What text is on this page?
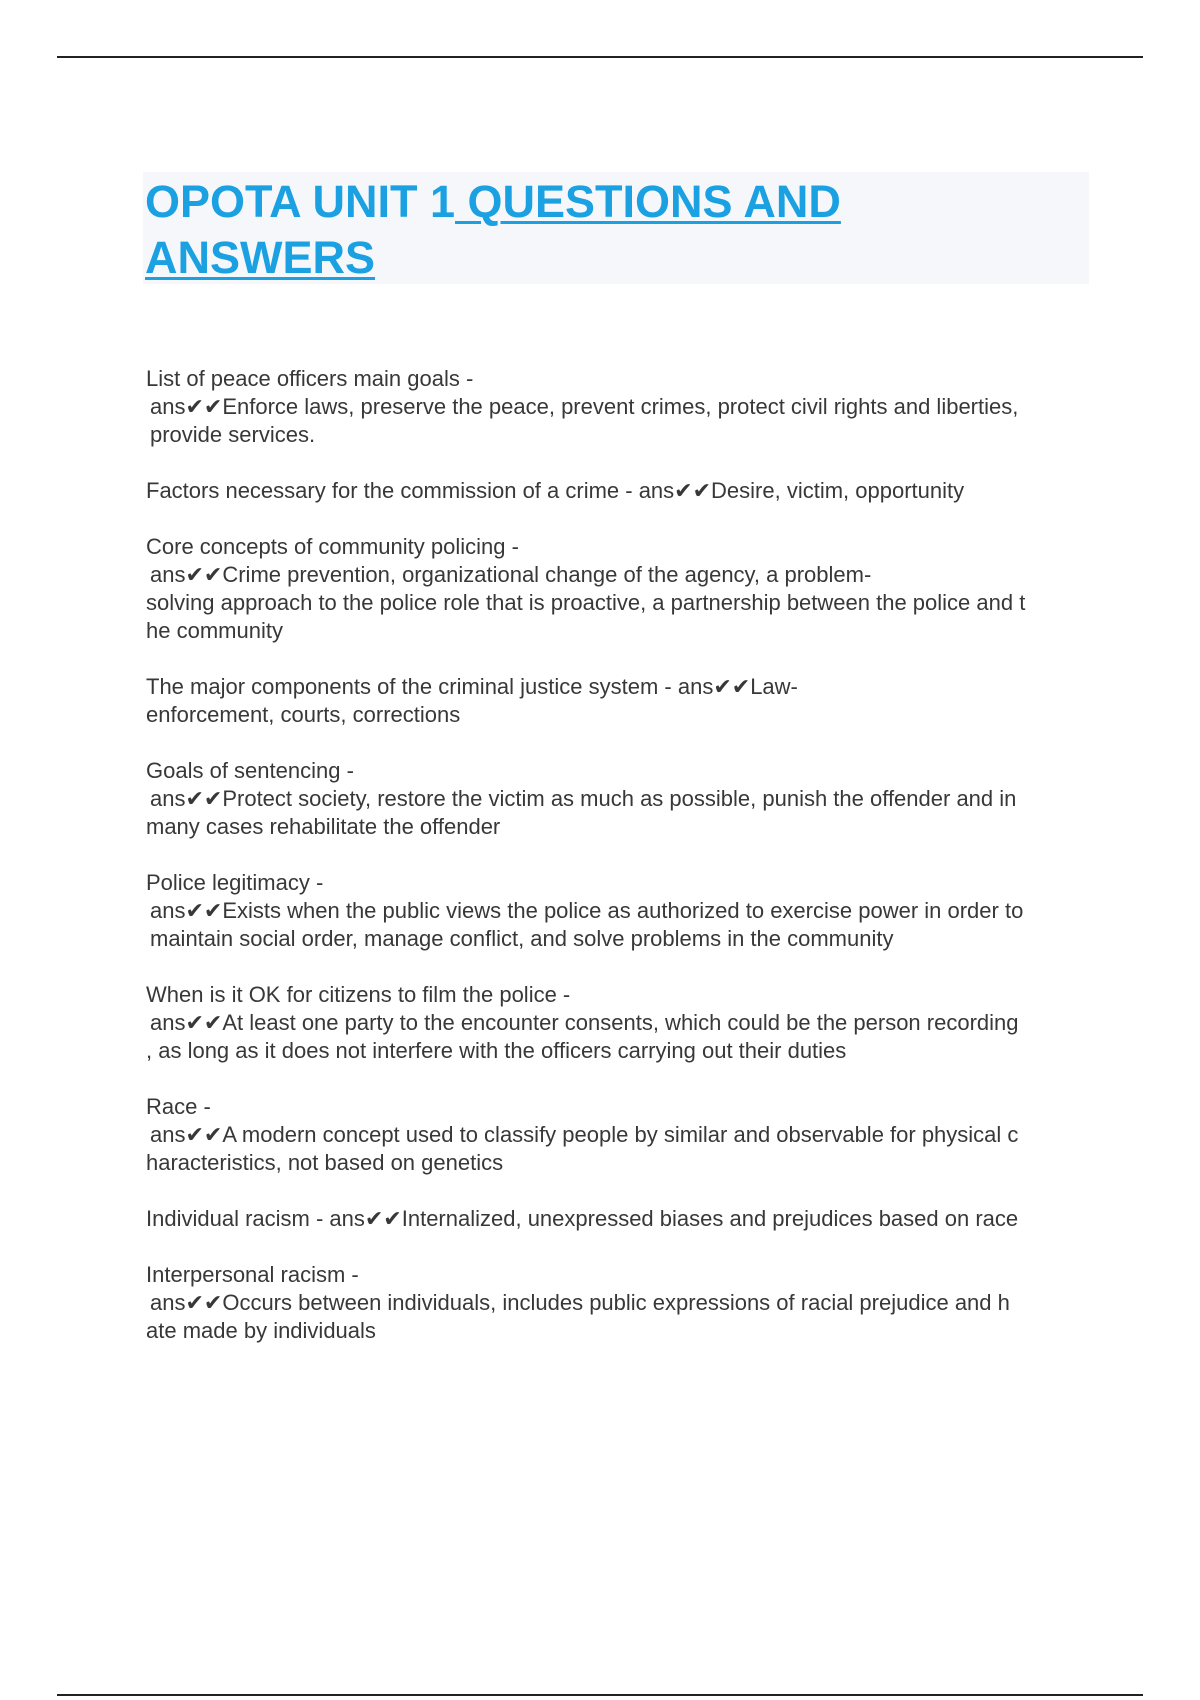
OPOTA UNIT 1 QUESTIONS AND
ANSWERS
List of peace officers main goals -
ans✔✔Enforce laws, preserve the peace, prevent crimes, protect civil rights and liberties,
provide services.
Factors necessary for the commission of a crime - ans✔✔Desire, victim, opportunity
Core concepts of community policing -
ans✔✔Crime prevention, organizational change of the agency, a problem-
solving approach to the police role that is proactive, a partnership between the police and t
he community
The major components of the criminal justice system - ans✔✔Law-
enforcement, courts, corrections
Goals of sentencing -
ans✔✔Protect society, restore the victim as much as possible, punish the offender and in
many cases rehabilitate the offender
Police legitimacy -
ans✔✔Exists when the public views the police as authorized to exercise power in order to
maintain social order, manage conflict, and solve problems in the community
When is it OK for citizens to film the police -
ans✔✔At least one party to the encounter consents, which could be the person recording
, as long as it does not interfere with the officers carrying out their duties
Race -
ans✔✔A modern concept used to classify people by similar and observable for physical c
haracteristics, not based on genetics
Individual racism - ans✔✔Internalized, unexpressed biases and prejudices based on race
Interpersonal racism -
ans✔✔Occurs between individuals, includes public expressions of racial prejudice and h
ate made by individuals
